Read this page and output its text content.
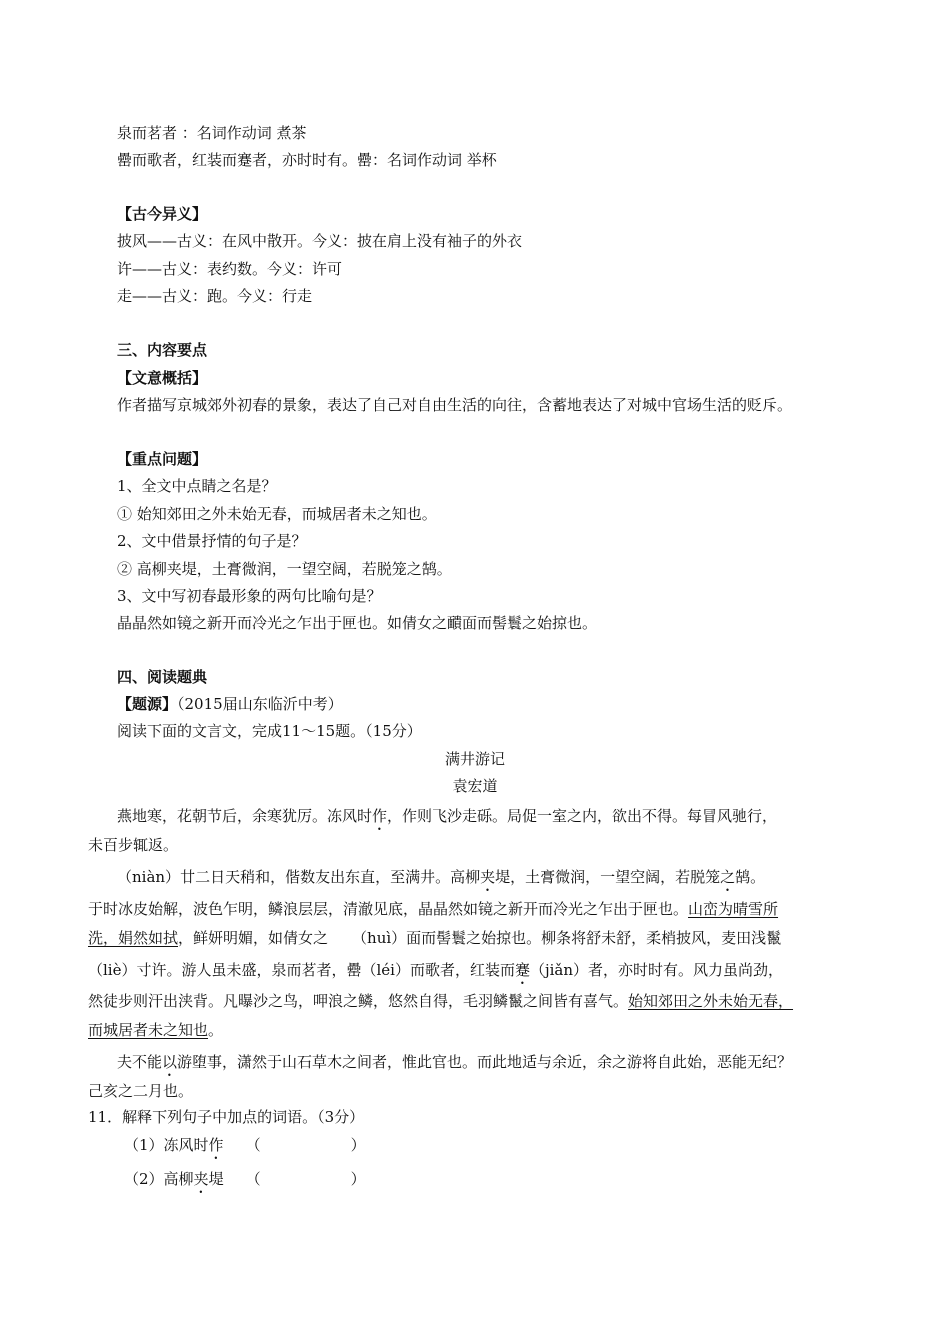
泉而茗者 ：名词作动词 煮茶
罍而歌者，红装而蹇者，亦时时有。罍：名词作动词 举杯
【古今异义】
披风——古义：在风中散开。今义：披在肩上没有袖子的外衣
许——古义：表约数。今义：许可
走——古义：跑。今义：行走
三、内容要点
【文意概括】
作者描写京城郊外初春的景象，表达了自己对自由生活的向往，含蓄地表达了对城中官场生活的贬斥。
【重点问题】
1、全文中点睛之名是？
① 始知郊田之外未始无春，而城居者未之知也。
2、文中借景抒情的句子是？
② 高柳夹堤，土膏微润，一望空阔，若脱笼之鹄。
3、文中写初春最形象的两句比喻句是？
晶晶然如镜之新开而冷光之乍出于匣也。如倩女之靧面而髻鬟之始掠也。
四、阅读题典
【题源】（2015届山东临沂中考）
阅读下面的文言文，完成11～15题。（15分）
满井游记
袁宏道
燕地寒，花朝节后，余寒犹厉。冻风时作，作则飞沙走砾。局促一室之内，欲出不得。每冒风驰行，
未百步辄返。
（niàn）廿二日天稍和，偕数友出东直，至满井。高柳夹堤，土膏微润，一望空阔，若脱笼之鹄。
于时冰皮始解，波色乍明，鳞浪层层，清澈见底，晶晶然如镜之新开而冷光之乍出于匣也。山峦为晴雪所
洗，娟然如拭，鲜妍明媚，如倩女之 （huì）面而髻鬟之始掠也。柳条将舒未舒，柔梢披风，麦田浅鬣
（liè）寸许。游人虽未盛，泉而茗者，罍（léi）而歌者，红装而蹇（jiǎn）者，亦时时有。风力虽尚劲，
然徒步则汗出浃背。凡曝沙之鸟，呷浪之鳞，悠然自得，毛羽鳞鬣之间皆有喜气。始知郊田之外未始无春，
而城居者未之知也。
夫不能以游堕事，潇然于山石草木之间者，惟此官也。而此地适与余近，余之游将自此始，恶能无纪？
己亥之二月也。
11．解释下列句子中加点的词语。（3分）
（1）冻风时作 （	）
（2）高柳夹堤 （	）
